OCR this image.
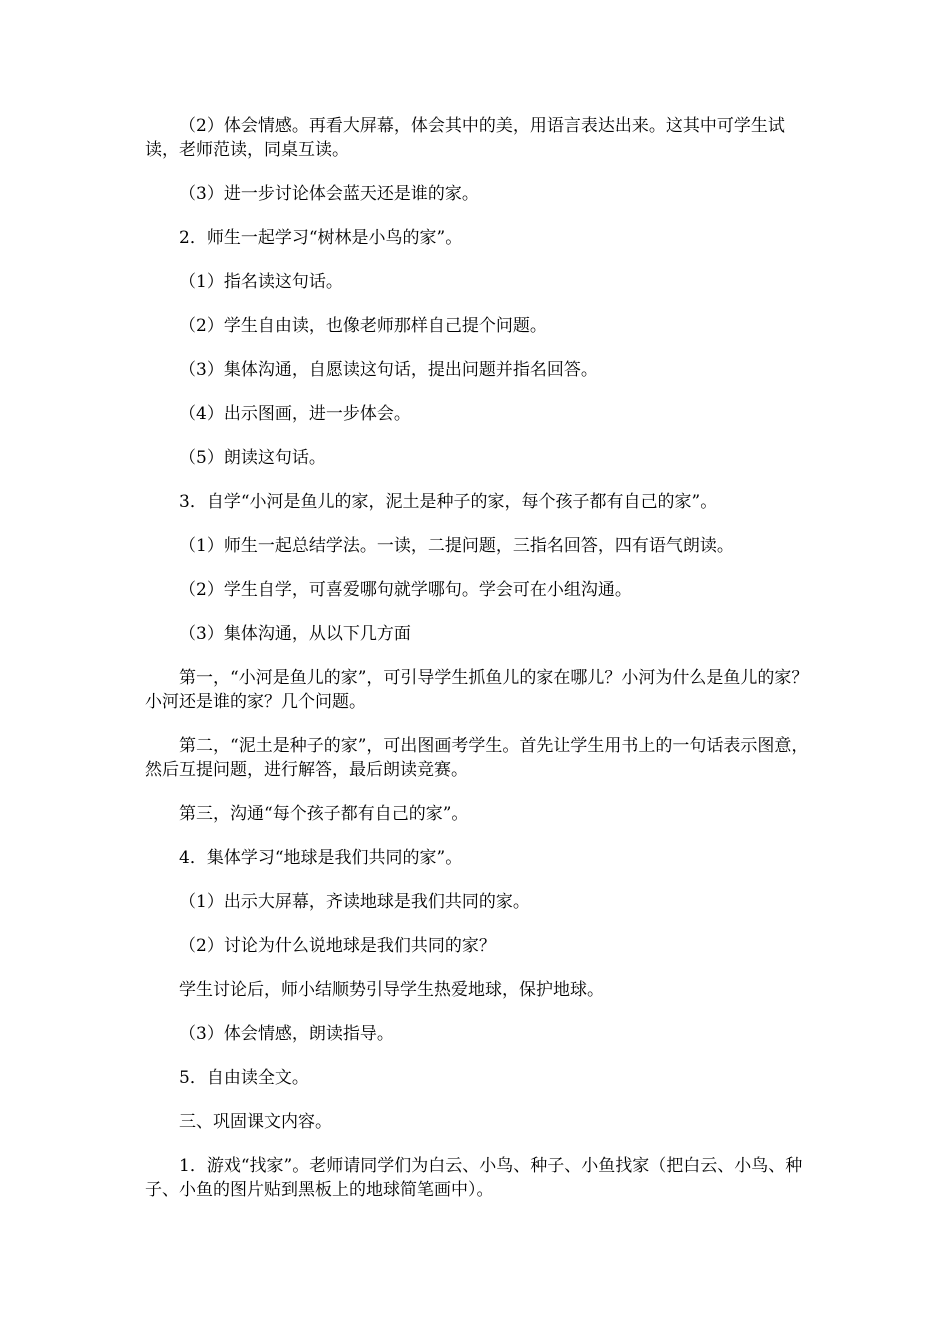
（2）体会情感。再看大屏幕，体会其中的美，用语言表达出来。这其中可学生试读，老师范读，同桌互读。

（3）进一步讨论体会蓝天还是谁的家。

2．师生一起学习“树林是小鸟的家”。

（1）指名读这句话。

（2）学生自由读，也像老师那样自己提个问题。

（3）集体沟通，自愿读这句话，提出问题并指名回答。

（4）出示图画，进一步体会。

（5）朗读这句话。

3．自学“小河是鱼儿的家，泥土是种子的家，每个孩子都有自己的家”。

（1）师生一起总结学法。一读，二提问题，三指名回答，四有语气朗读。

（2）学生自学，可喜爱哪句就学哪句。学会可在小组沟通。

（3）集体沟通，从以下几方面

第一，“小河是鱼儿的家”，可引导学生抓鱼儿的家在哪儿？小河为什么是鱼儿的家？小河还是谁的家？几个问题。

第二，“泥土是种子的家”，可出图画考学生。首先让学生用书上的一句话表示图意，然后互提问题，进行解答，最后朗读竞赛。

第三，沟通“每个孩子都有自己的家”。

4．集体学习“地球是我们共同的家”。

（1）出示大屏幕，齐读地球是我们共同的家。

（2）讨论为什么说地球是我们共同的家？

学生讨论后，师小结顺势引导学生热爱地球，保护地球。

（3）体会情感，朗读指导。

5．自由读全文。

三、巩固课文内容。

1．游戏“找家”。老师请同学们为白云、小鸟、种子、小鱼找家（把白云、小鸟、种子、小鱼的图片贴到黑板上的地球简笔画中）。
